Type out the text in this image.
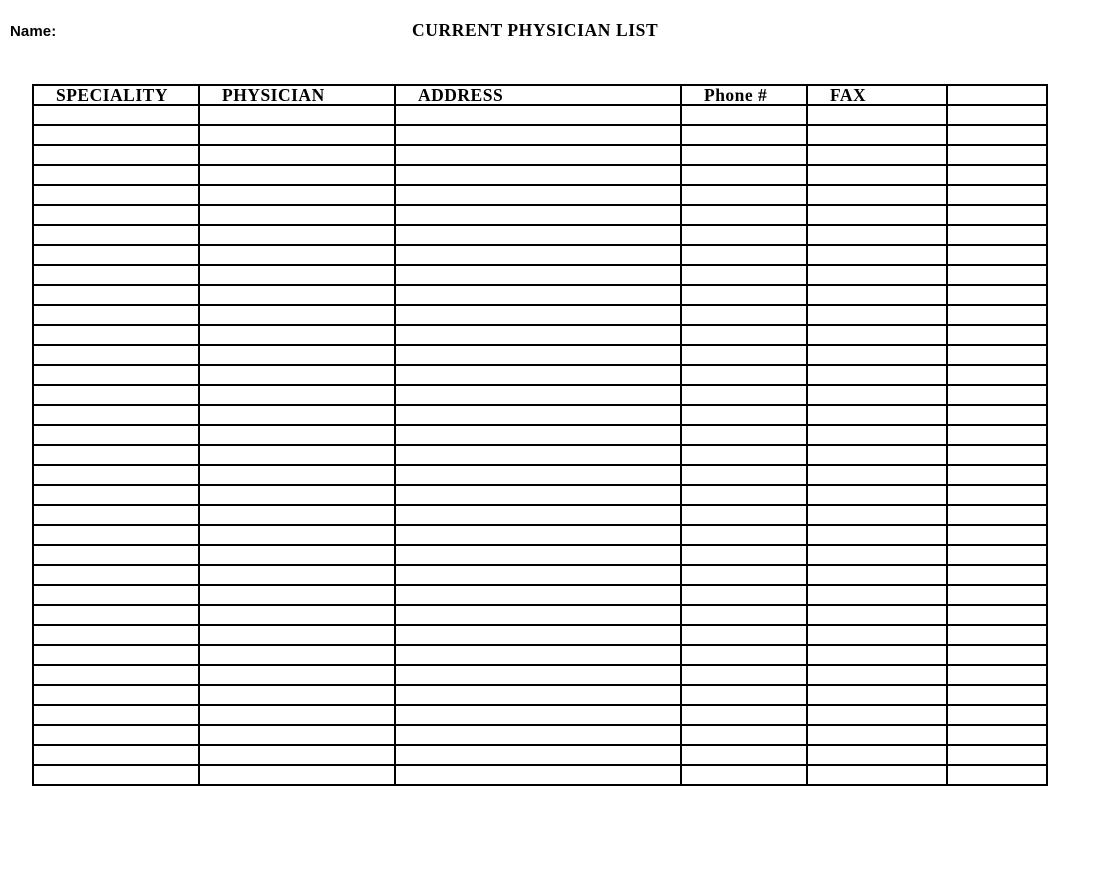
Name:	CURRENT PHYSICIAN LIST
SPECIALITY	PHYSICIAN	ADDRESS	Phone #	FAX	
